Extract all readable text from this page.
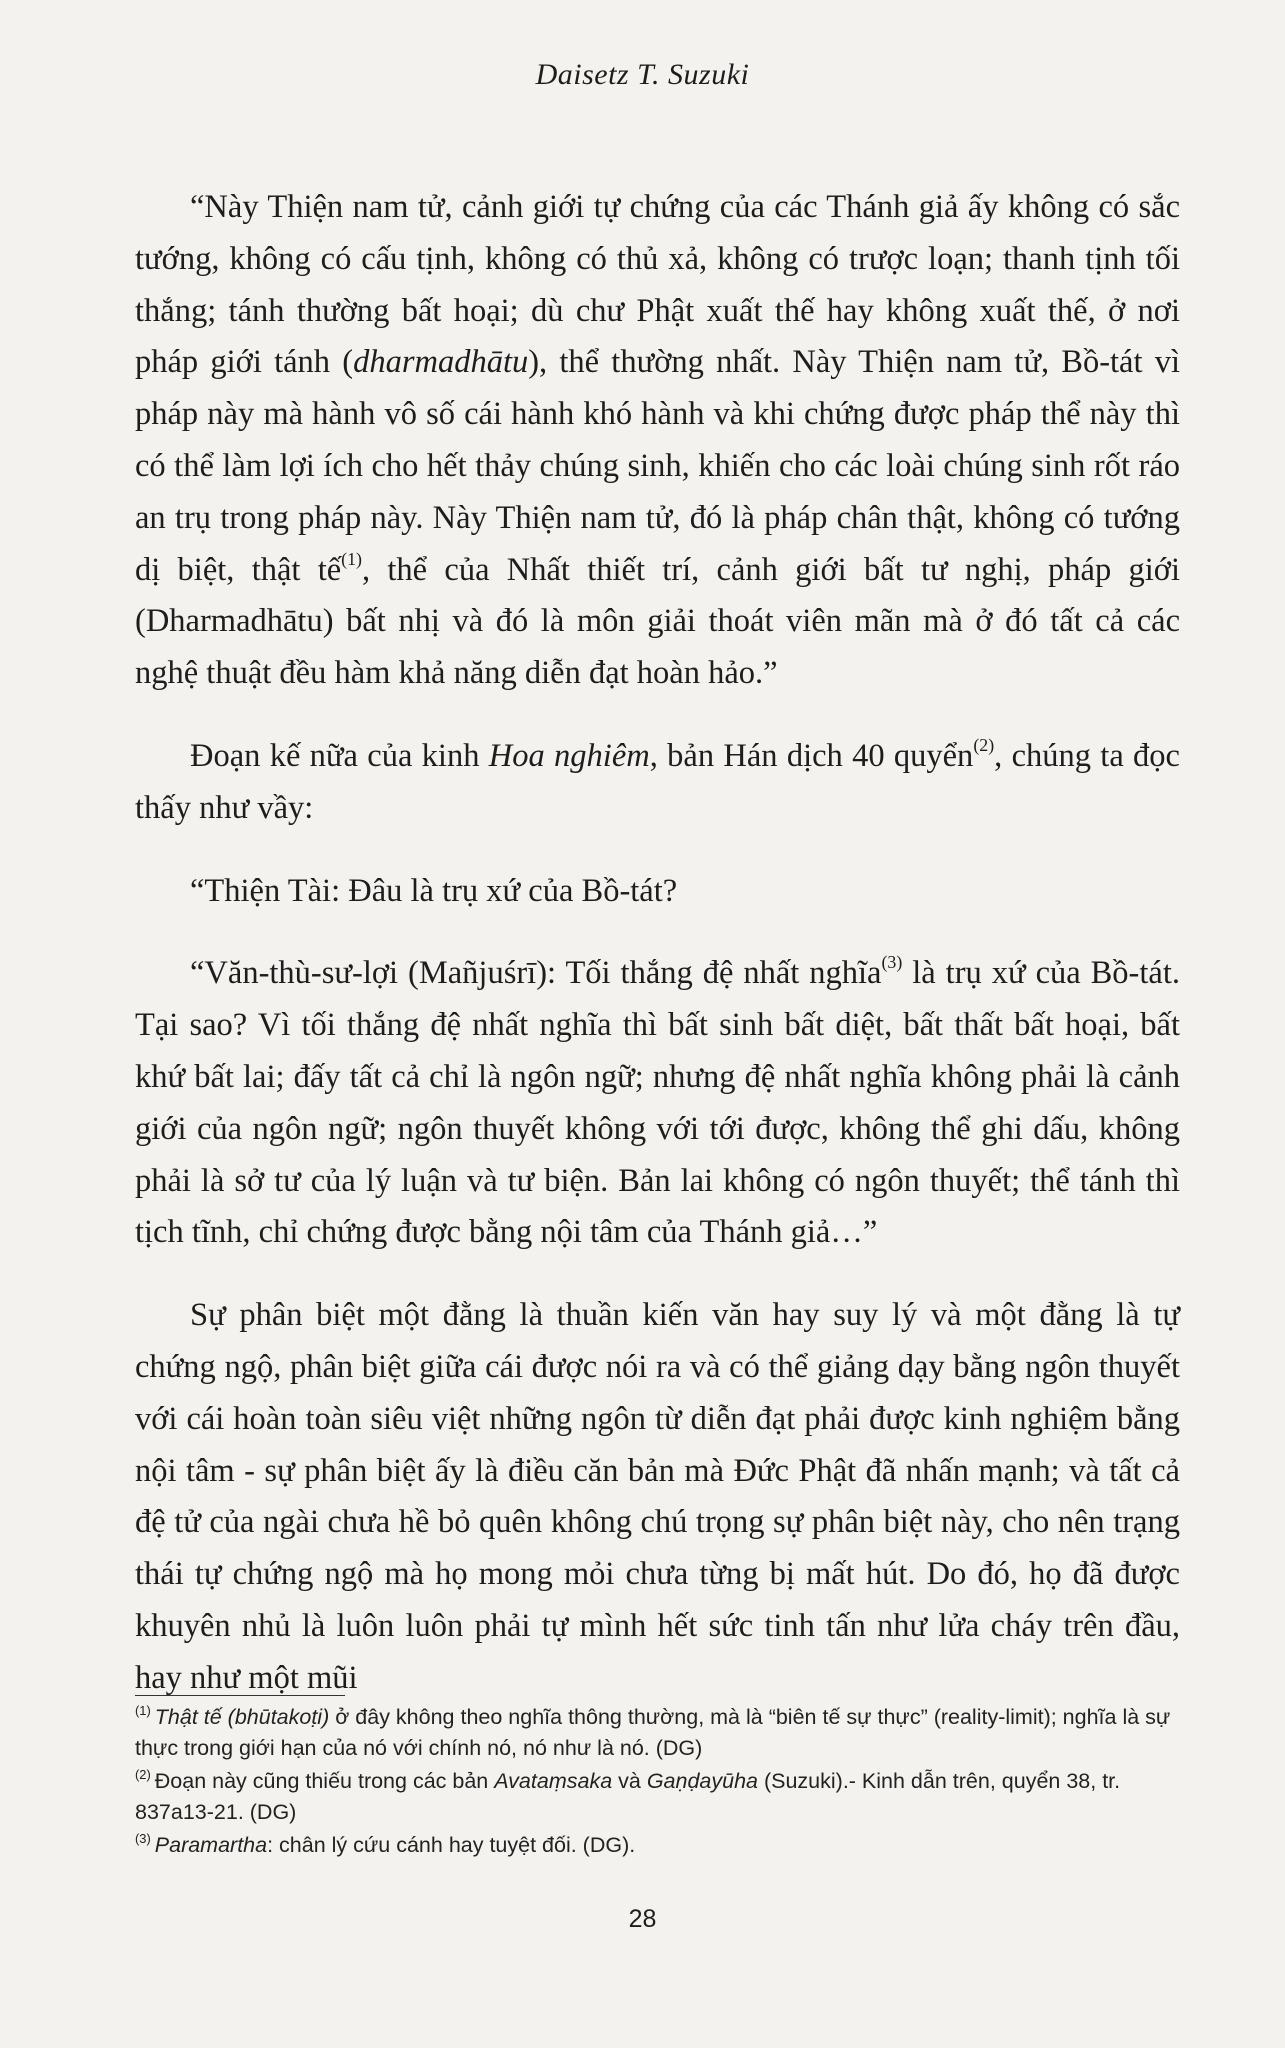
Daisetz T. Suzuki

“Này Thiện nam tử, cảnh giới tự chứng của các Thánh giả ấy không có sắc tướng, không có cấu tịnh, không có thủ xả, không có trược loạn; thanh tịnh tối thắng; tánh thường bất hoại; dù chư Phật xuất thế hay không xuất thế, ở nơi pháp giới tánh (dharmadhātu), thể thường nhất. Này Thiện nam tử, Bồ-tát vì pháp này mà hành vô số cái hành khó hành và khi chứng được pháp thể này thì có thể làm lợi ích cho hết thảy chúng sinh, khiến cho các loài chúng sinh rốt ráo an trụ trong pháp này. Này Thiện nam tử, đó là pháp chân thật, không có tướng dị biệt, thật tế$^{(1)}$, thể của Nhất thiết trí, cảnh giới bất tư nghị, pháp giới (Dharmadhātu) bất nhị và đó là môn giải thoát viên mãn mà ở đó tất cả các nghệ thuật đều hàm khả năng diễn đạt hoàn hảo.”

Đoạn kế nữa của kinh Hoa nghiêm, bản Hán dịch 40 quyển$^{(2)}$, chúng ta đọc thấy như vầy:

“Thiện Tài: Đâu là trụ xứ của Bồ-tát?

“Văn-thù-sư-lợi (Mañjuśrī): Tối thắng đệ nhất nghĩa$^{(3)}$ là trụ xứ của Bồ-tát. Tại sao? Vì tối thắng đệ nhất nghĩa thì bất sinh bất diệt, bất thất bất hoại, bất khứ bất lai; đấy tất cả chỉ là ngôn ngữ; nhưng đệ nhất nghĩa không phải là cảnh giới của ngôn ngữ; ngôn thuyết không với tới được, không thể ghi dấu, không phải là sở tư của lý luận và tư biện. Bản lai không có ngôn thuyết; thể tánh thì tịch tĩnh, chỉ chứng được bằng nội tâm của Thánh giả…”

Sự phân biệt một đằng là thuần kiến văn hay suy lý và một đằng là tự chứng ngộ, phân biệt giữa cái được nói ra và có thể giảng dạy bằng ngôn thuyết với cái hoàn toàn siêu việt những ngôn từ diễn đạt phải được kinh nghiệm bằng nội tâm - sự phân biệt ấy là điều căn bản mà Đức Phật đã nhấn mạnh; và tất cả đệ tử của ngài chưa hề bỏ quên không chú trọng sự phân biệt này, cho nên trạng thái tự chứng ngộ mà họ mong mỏi chưa từng bị mất hút. Do đó, họ đã được khuyên nhủ là luôn luôn phải tự mình hết sức tinh tấn như lửa cháy trên đầu, hay như một mũi

$^{(1)}$ Thật tế (bhūtakoṭi) ở đây không theo nghĩa thông thường, mà là “biên tế sự thực” (reality-limit); nghĩa là sự thực trong giới hạn của nó với chính nó, nó như là nó. (DG)
$^{(2)}$ Đoạn này cũng thiếu trong các bản Avataṃsaka và Gaṇḍayūha (Suzuki).- Kinh dẫn trên, quyển 38, tr. 837a13-21. (DG)
$^{(3)}$ Paramartha: chân lý cứu cánh hay tuyệt đối. (DG).
28
